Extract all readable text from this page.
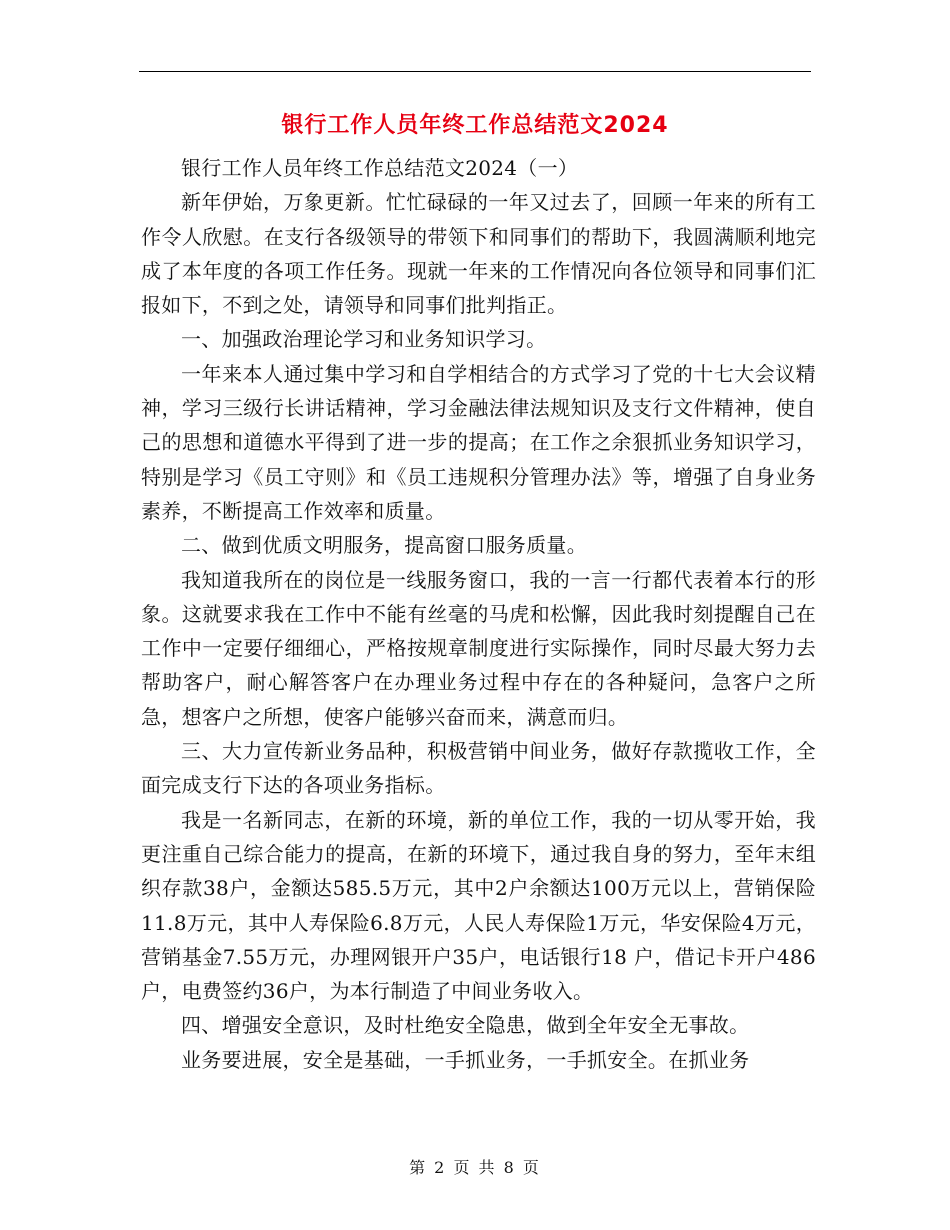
银行工作人员年终工作总结范文2024

银行工作人员年终工作总结范文2024（一）

新年伊始，万象更新。忙忙碌碌的一年又过去了，回顾一年来的所有工作令人欣慰。在支行各级领导的带领下和同事们的帮助下，我圆满顺利地完成了本年度的各项工作任务。现就一年来的工作情况向各位领导和同事们汇报如下，不到之处，请领导和同事们批判指正。

一、加强政治理论学习和业务知识学习。

一年来本人通过集中学习和自学相结合的方式学习了党的十七大会议精神，学习三级行长讲话精神，学习金融法律法规知识及支行文件精神，使自己的思想和道德水平得到了进一步的提高；在工作之余狠抓业务知识学习，特别是学习《员工守则》和《员工违规积分管理办法》等，增强了自身业务素养，不断提高工作效率和质量。

二、做到优质文明服务，提高窗口服务质量。

我知道我所在的岗位是一线服务窗口，我的一言一行都代表着本行的形象。这就要求我在工作中不能有丝毫的马虎和松懈，因此我时刻提醒自己在工作中一定要仔细细心，严格按规章制度进行实际操作，同时尽最大努力去帮助客户，耐心解答客户在办理业务过程中存在的各种疑问，急客户之所急，想客户之所想，使客户能够兴奋而来，满意而归。

三、大力宣传新业务品种，积极营销中间业务，做好存款揽收工作，全面完成支行下达的各项业务指标。

我是一名新同志，在新的环境，新的单位工作，我的一切从零开始，我更注重自己综合能力的提高，在新的环境下，通过我自身的努力，至年末组织存款38户，金额达585.5万元，其中2户余额达100万元以上，营销保险11.8万元，其中人寿保险6.8万元，人民人寿保险1万元，华安保险4万元，营销基金7.55万元，办理网银开户35户，电话银行18 户，借记卡开户486户，电费签约36户，为本行制造了中间业务收入。

四、增强安全意识，及时杜绝安全隐患，做到全年安全无事故。

业务要进展，安全是基础，一手抓业务，一手抓安全。在抓业务

第 2 页 共 8 页
